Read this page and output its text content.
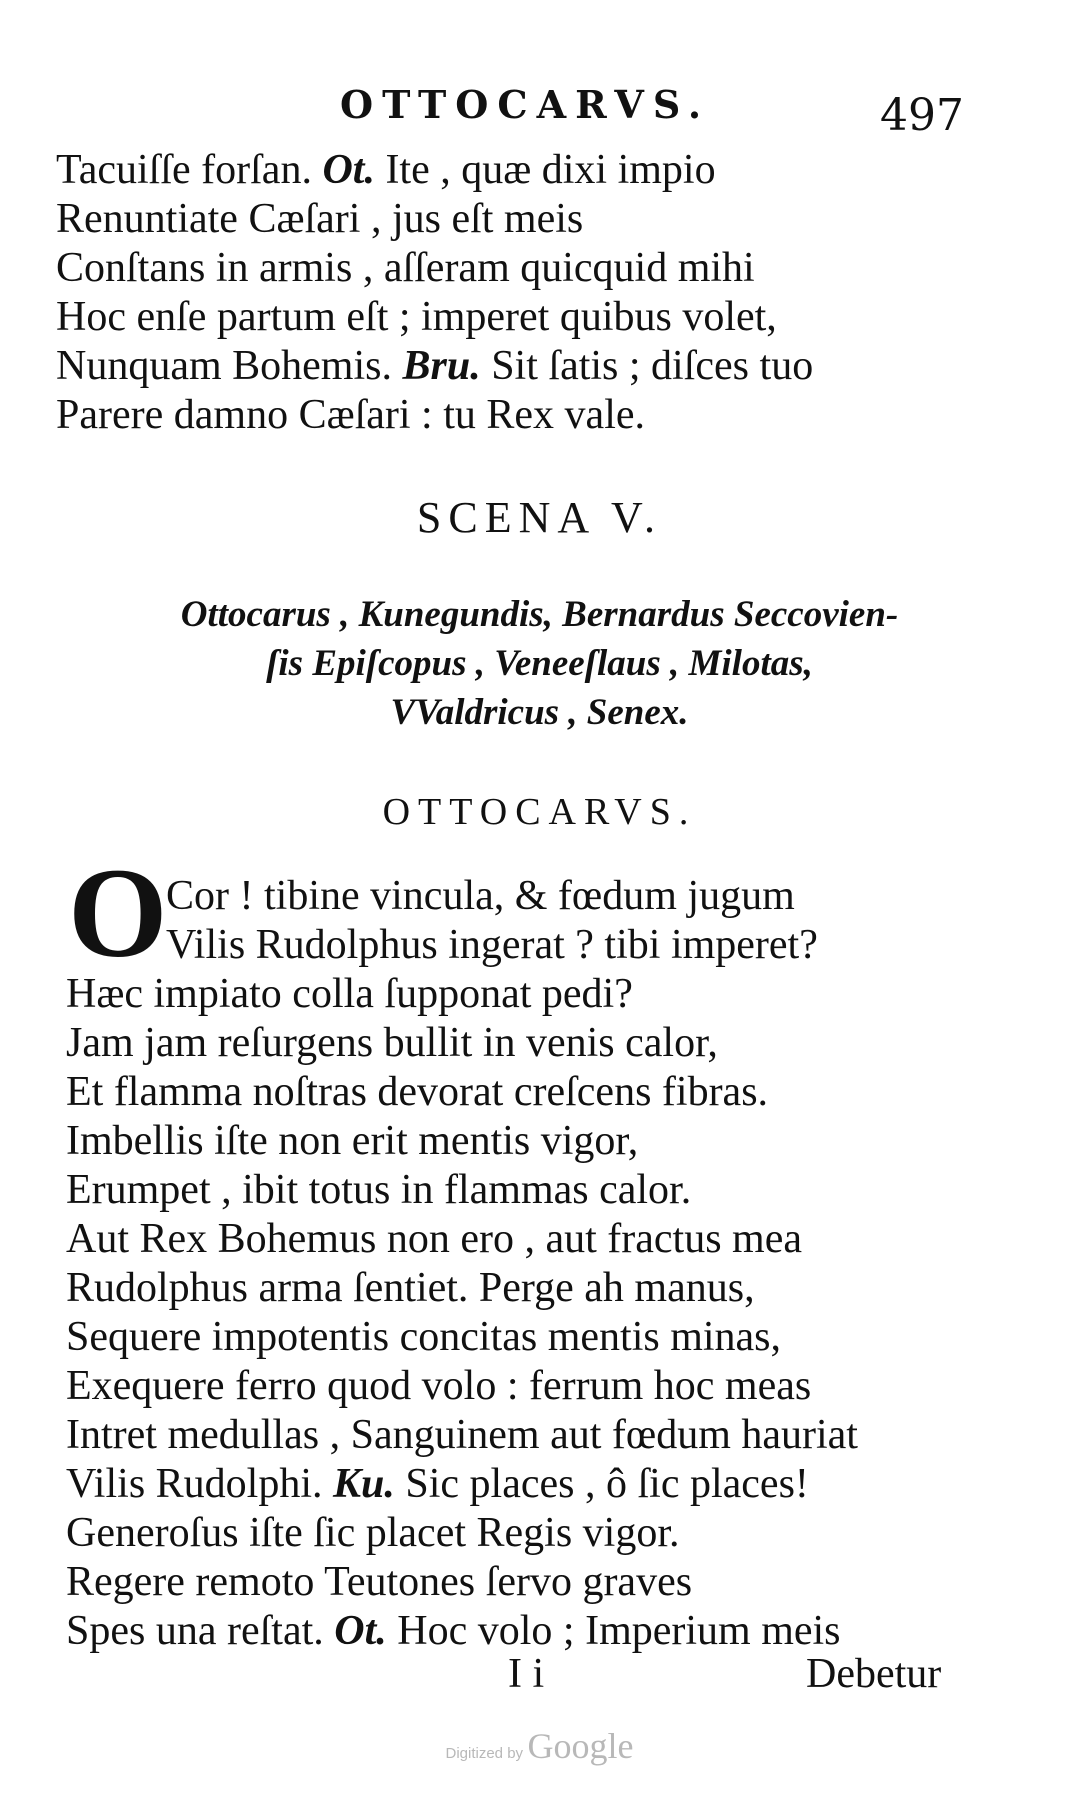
OTTOCARVS.	497
Tacuiſſe forſan. Ot. Ite , quæ dixi impio
Renuntiate Cæſari , jus eſt meis
Conſtans in armis , aſſeram quicquid mihi
Hoc enſe partum eſt ; imperet quibus volet,
Nunquam Bohemis. Bru. Sit ſatis ; diſces tuo
Parere damno Cæſari : tu Rex vale.
SCENA V.
Ottocarus , Kunegundis, Bernardus Seccovien-
ſis Epiſcopus , Veneeſlaus , Milotas,
VValdricus , Senex.
OTTOCARVS.
O
Cor ! tibine vincula, & fœdum jugum
Vilis Rudolphus ingerat ? tibi imperet?
Hæc impiato colla ſupponat pedi?
Jam jam reſurgens bullit in venis calor,
Et flamma noſtras devorat creſcens fibras.
Imbellis iſte non erit mentis vigor,
Erumpet , ibit totus in flammas calor.
Aut Rex Bohemus non ero , aut fractus mea
Rudolphus arma ſentiet. Perge ah manus,
Sequere impotentis concitas mentis minas,
Exequere ferro quod volo : ferrum hoc meas
Intret medullas , Sanguinem aut fœdum hauriat
Vilis Rudolphi. Ku. Sic places , ô ſic places!
Generoſus iſte ſic placet Regis vigor.
Regere remoto Teutones ſervo graves
Spes una reſtat. Ot. Hoc volo ; Imperium meis
I i	Debetur
Digitized by Google
